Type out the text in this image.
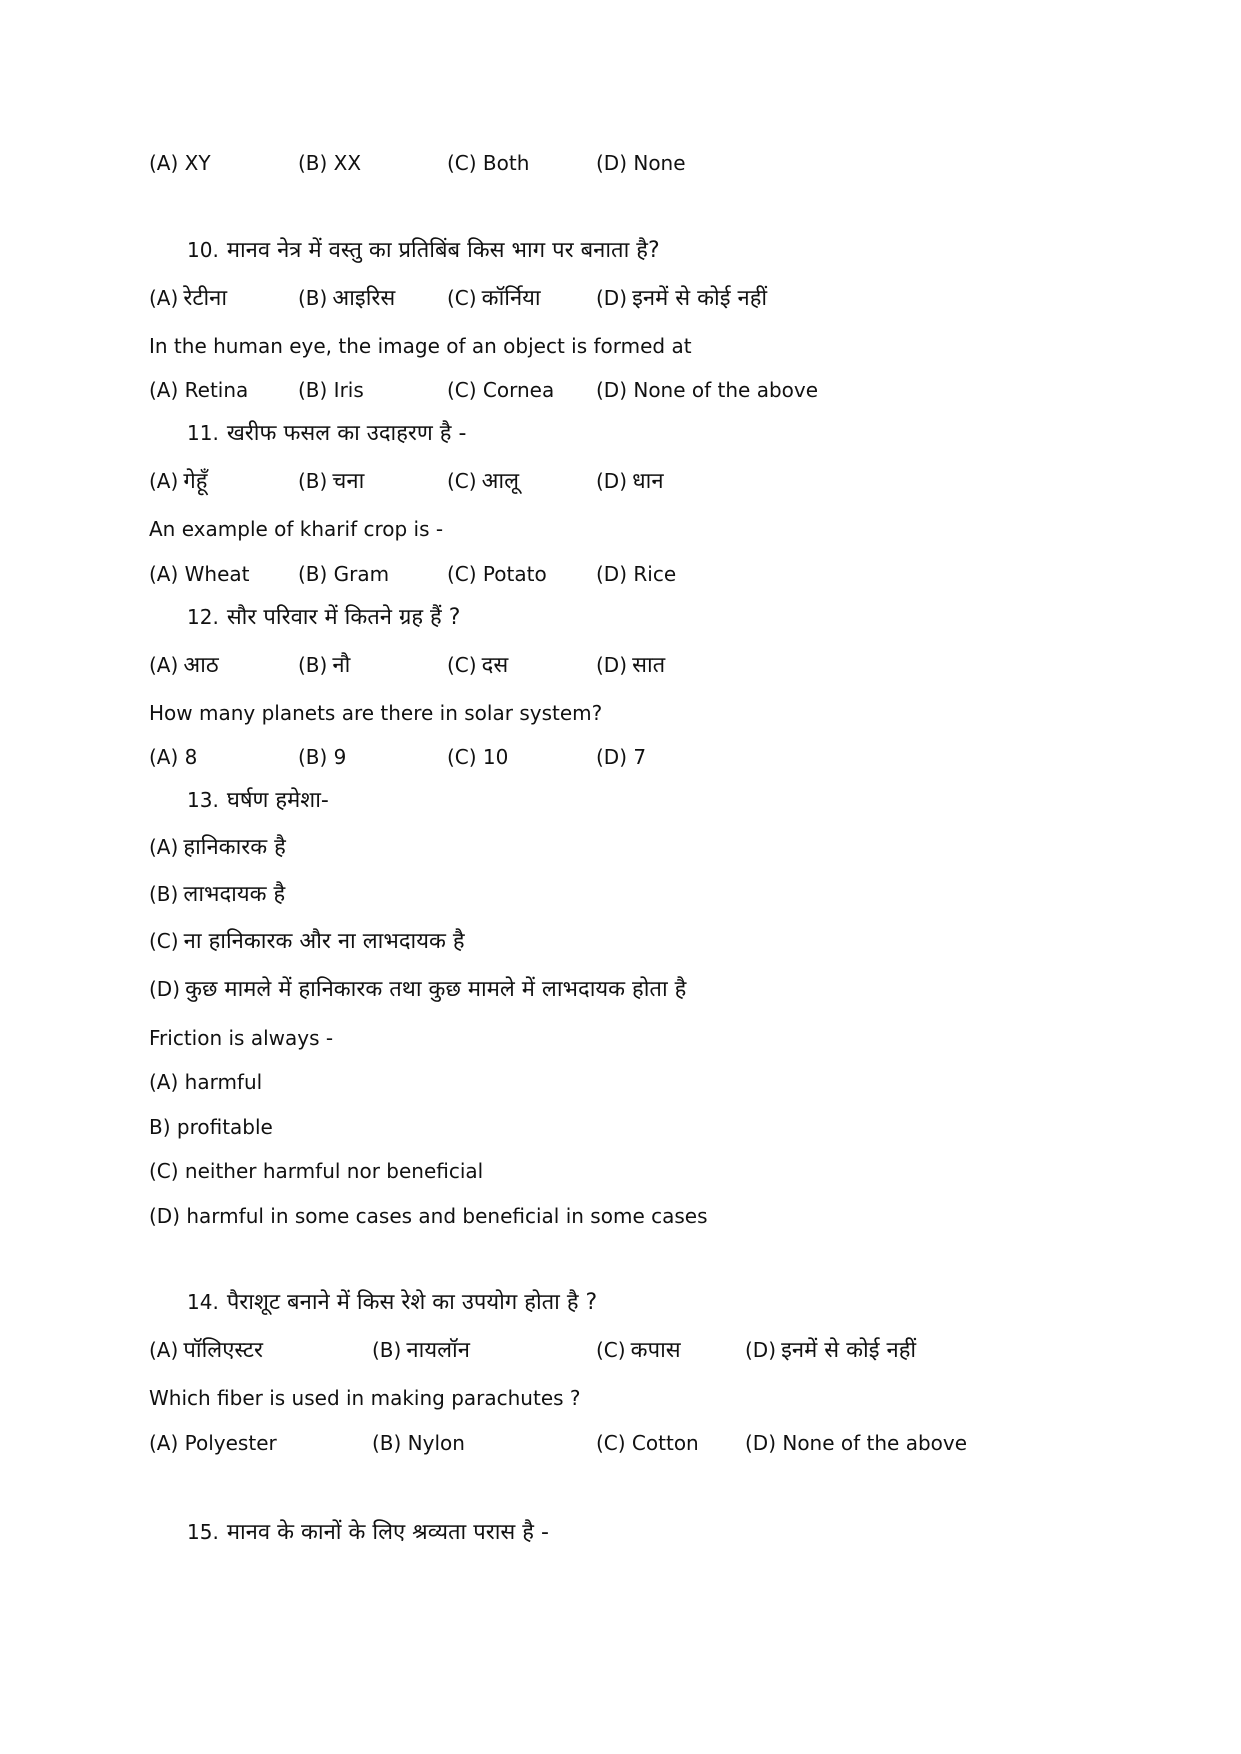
(A) XY	(B) XX	(C) Both	(D) None
10. मानव नेत्र में वस्तु का प्रतिबिंब किस भाग पर बनाता है?
(A) रेटीना	(B) आइरिस	(C) कॉर्निया	(D) इनमें से कोई नहीं
In the human eye, the image of an object is formed at
(A) Retina (B) Iris	(C) Cornea (D) None of the above
11. खरीफ फसल का उदाहरण है -
(A) गेहूँ	(B) चना	(C) आलू	(D) धान
An example of kharif crop is -
(A) Wheat (B) Gram	(C) Potato (D) Rice
12. सौर परिवार में कितने ग्रह हैं ?
(A) आठ	(B) नौ	(C) दस	(D) सात
How many planets are there in solar system?
(A) 8	(B) 9	(C) 10	(D) 7
13. घर्षण हमेशा-
(A) हानिकारक है
(B) लाभदायक है
(C) ना हानिकारक और ना लाभदायक है
(D) कुछ मामले में हानिकारक तथा कुछ मामले में लाभदायक होता है
Friction is always -
(A) harmful
B) profitable
(C) neither harmful nor beneficial
(D) harmful in some cases and beneficial in some cases
14. पैराशूट बनाने में किस रेशे का उपयोग होता है ?
(A) पॉलिएस्टर	(B) नायलॉन	(C) कपास	(D) इनमें से कोई नहीं
Which fiber is used in making parachutes ?
(A) Polyester	(B) Nylon	(C) Cotton (D) None of the above
15. मानव के कानों के लिए श्रव्यता परास है -
